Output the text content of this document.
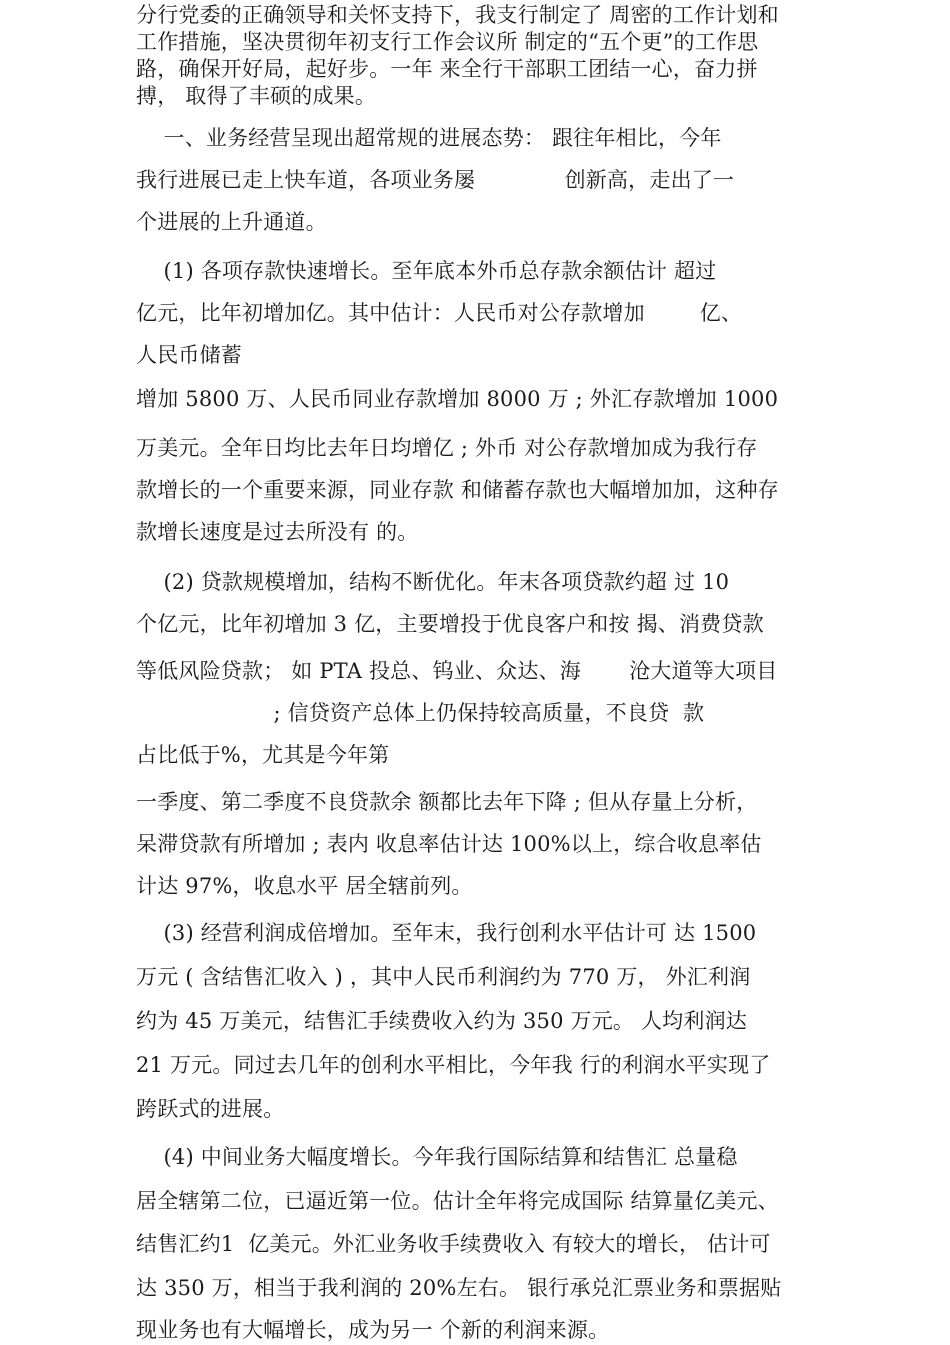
分行党委的正确领导和关怀支持下，我支行制定了 周密的工作计划和
工作措施，坚决贯彻年初支行工作会议所 制定的“五个更”的工作思
路，确保开好局，起好步。一年 来全行干部职工团结一心，奋力拼
搏， 取得了丰硕的成果。
一、业务经营呈现出超常规的进展态势： 跟往年相比，今年
我行进展已走上快车道，各项业务屡             创新高，走出了一
个进展的上升通道。
(1) 各项存款快速增长。至年底本外币总存款余额估计 超过
亿元，比年初增加亿。其中估计：人民币对公存款增加        亿、
人民币储蓄
增加 5800 万、人民币同业存款增加 8000 万 ; 外汇存款增加 1000
万美元。全年日均比去年日均增亿 ; 外币 对公存款增加成为我行存
款增长的一个重要来源，同业存款 和储蓄存款也大幅增加加，这种存
款增长速度是过去所没有 的。
(2) 贷款规模增加，结构不断优化。年末各项贷款约超 过 10
个亿元，比年初增加 3 亿，主要增投于优良客户和按 揭、消费贷款
等低风险贷款； 如 PTA 投总、钨业、众达、海       沧大道等大项目
; 信贷资产总体上仍保持较高质量，不良贷  款
占比低于%，尤其是今年第
一季度、第二季度不良贷款余 额都比去年下降 ; 但从存量上分析，
呆滞贷款有所增加 ; 表内 收息率估计达 100%以上，综合收息率估
计达 97%，收息水平 居全辖前列。
(3) 经营利润成倍增加。至年末，我行创利水平估计可 达 1500
万元 ( 含结售汇收入 ) ，其中人民币利润约为 770 万， 外汇利润
约为 45 万美元，结售汇手续费收入约为 350 万元。 人均利润达
21 万元。同过去几年的创利水平相比，今年我 行的利润水平实现了
跨跃式的进展。
(4) 中间业务大幅度增长。今年我行国际结算和结售汇 总量稳
居全辖第二位，已逼近第一位。估计全年将完成国际 结算量亿美元、
结售汇约1  亿美元。外汇业务收手续费收入 有较大的增长， 估计可
达 350 万，相当于我利润的 20%左右。 银行承兑汇票业务和票据贴
现业务也有大幅增长，成为另一 个新的利润来源。
